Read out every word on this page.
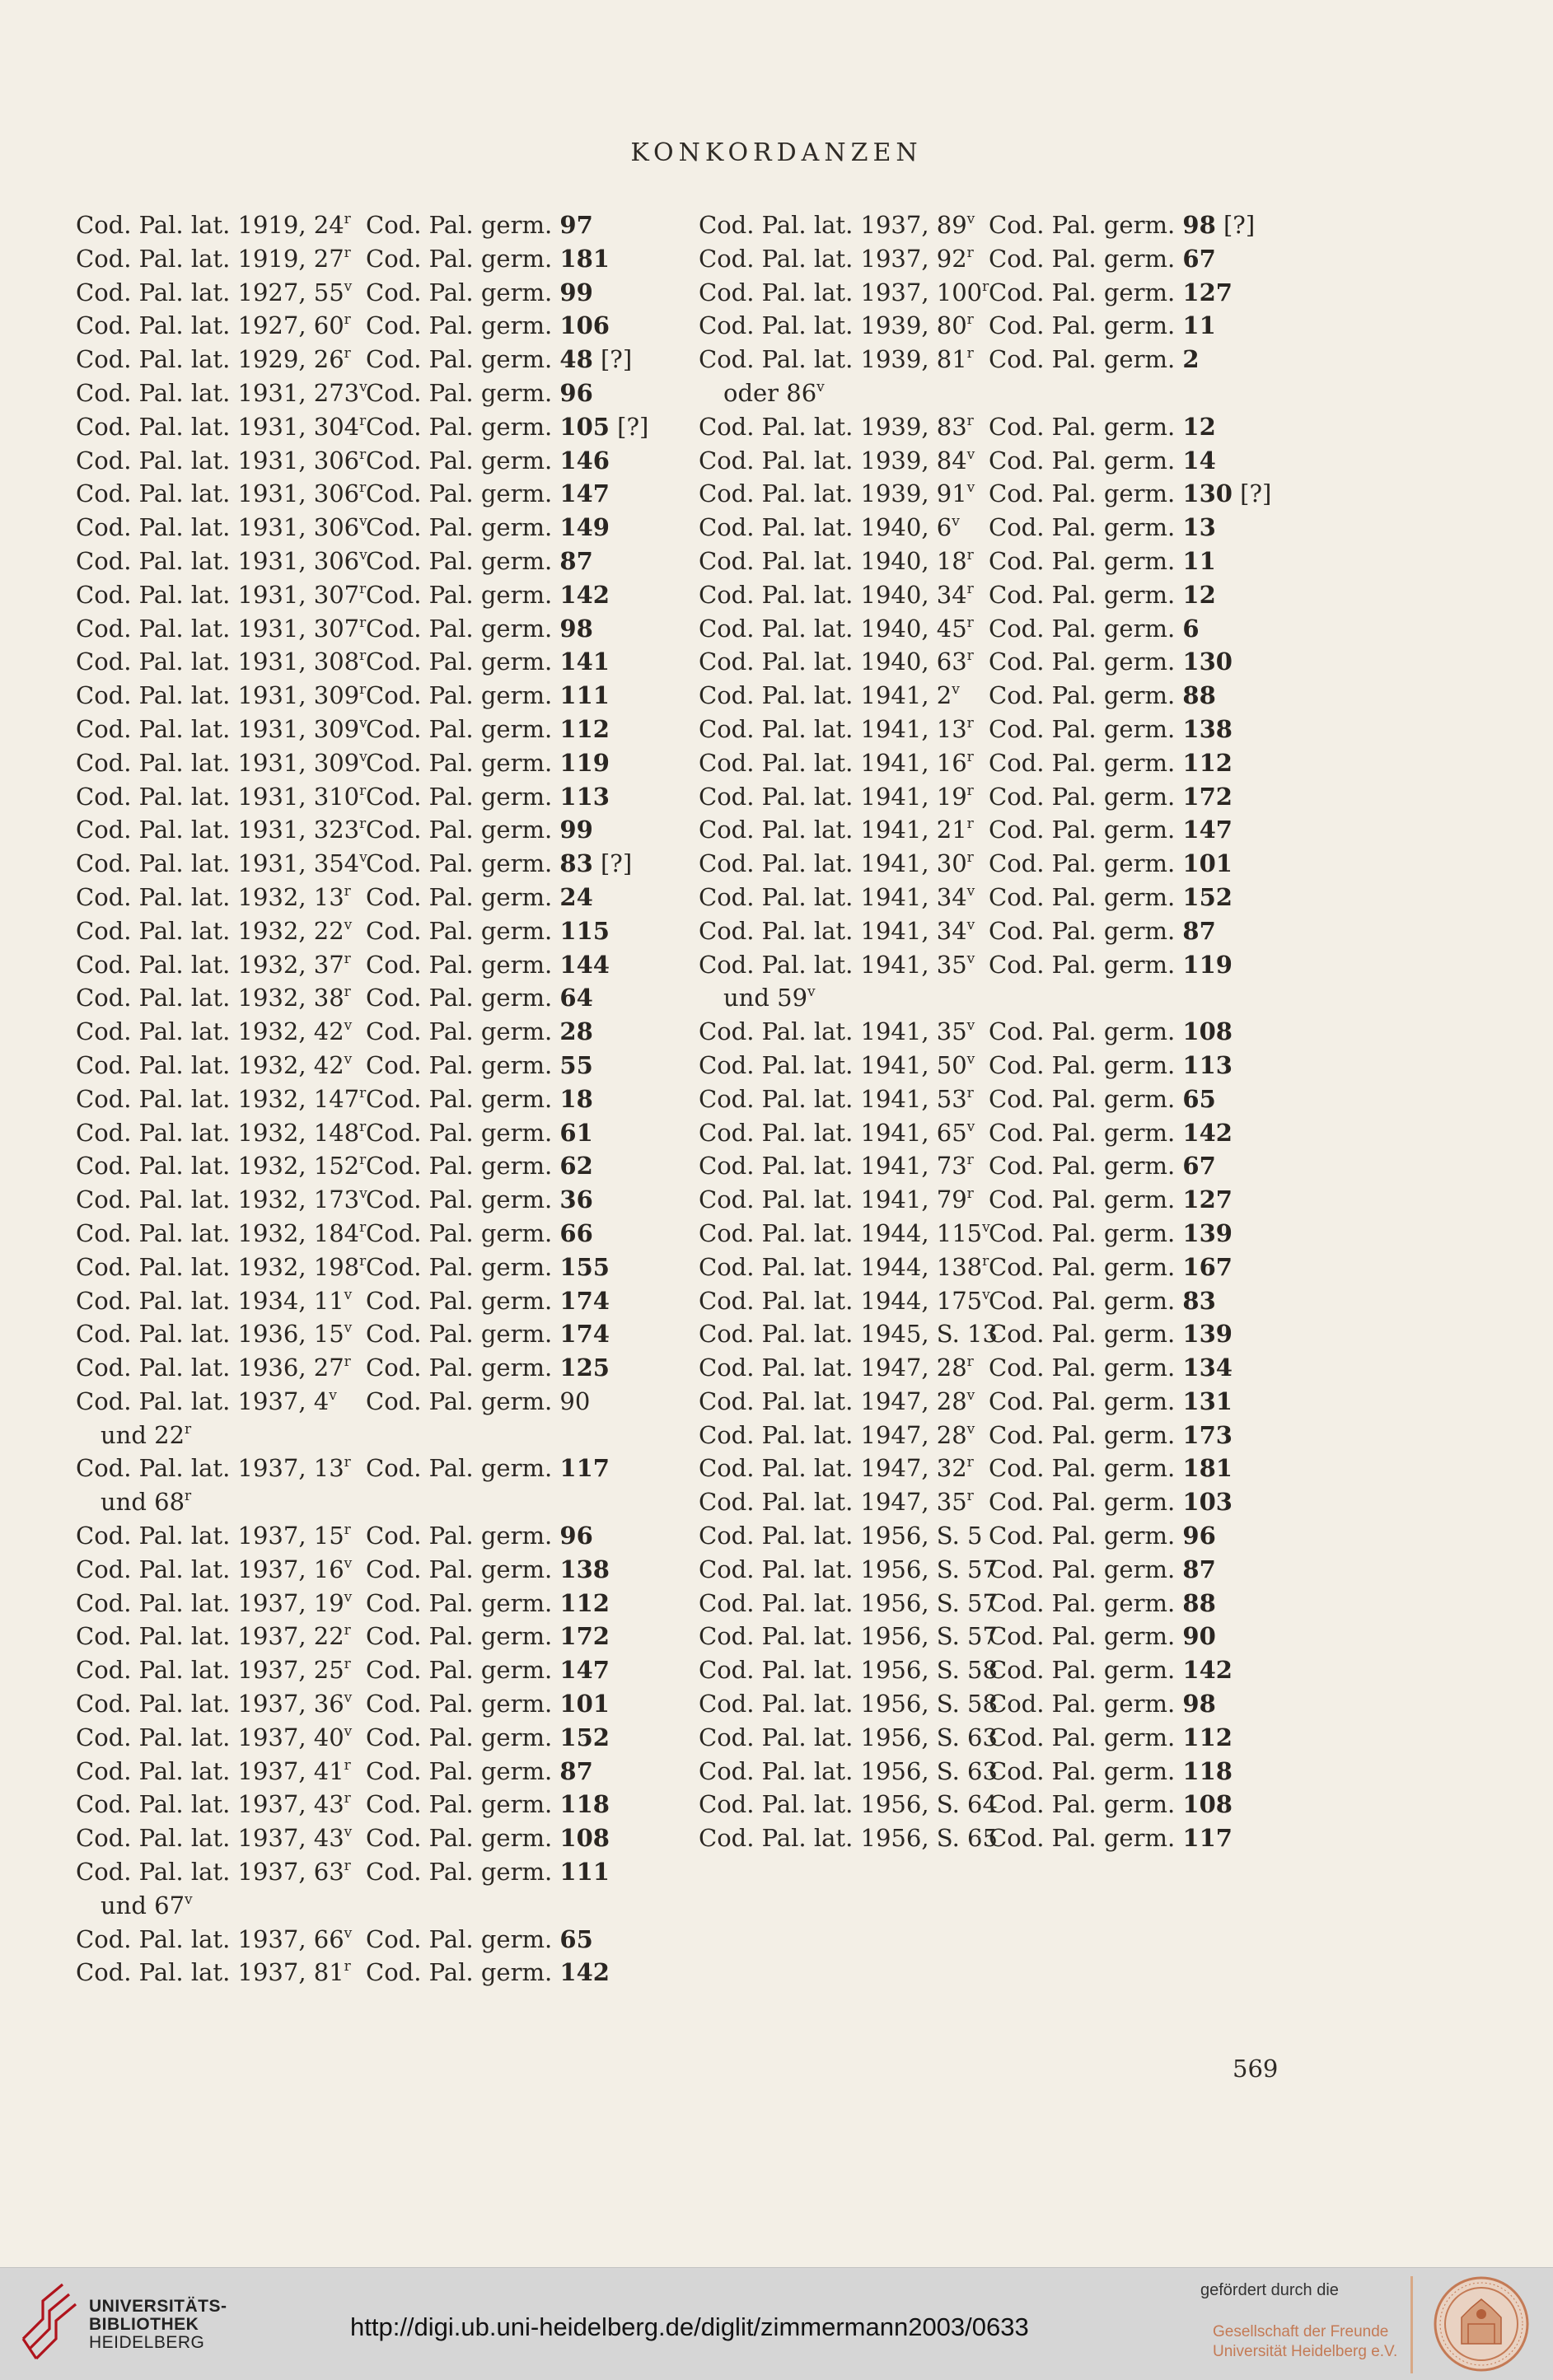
KONKORDANZEN
Cod. Pal. lat. 1919, 24$^r$ Cod. Pal. germ. 97
Cod. Pal. lat. 1919, 27$^r$ Cod. Pal. germ. 181
Cod. Pal. lat. 1927, 55$^v$ Cod. Pal. germ. 99
Cod. Pal. lat. 1927, 60$^r$ Cod. Pal. germ. 106
Cod. Pal. lat. 1929, 26$^r$ Cod. Pal. germ. 48 [?]
Cod. Pal. lat. 1931, 273$^v$
Cod. Pal. germ. 96
Cod. Pal. lat. 1931, 304$^r$ Cod. Pal. germ. 105 [?]
Cod. Pal. lat. 1931, 306$^r$ Cod. Pal. germ. 146
Cod. Pal. lat. 1931, 306$^r$ Cod. Pal. germ. 147
Cod. Pal. lat. 1931, 306$^v$
Cod. Pal. germ. 149
Cod. Pal. lat. 1931, 306$^v$
Cod. Pal. germ. 87
Cod. Pal. lat. 1931, 307$^r$ Cod. Pal. germ. 142
Cod. Pal. lat. 1931, 307$^r$ Cod. Pal. germ. 98
Cod. Pal. lat. 1931, 308$^r$ Cod. Pal. germ. 141
Cod. Pal. lat. 1931, 309$^r$ Cod. Pal. germ. 111
Cod. Pal. lat. 1931, 309$^v$
Cod. Pal. germ. 112
Cod. Pal. lat. 1931, 309$^v$
Cod. Pal. germ. 119
Cod. Pal. lat. 1931, 310$^r$ Cod. Pal. germ. 113
Cod. Pal. lat. 1931, 323$^r$ Cod. Pal. germ. 99
Cod. Pal. lat. 1931, 354$^v$
Cod. Pal. germ. 83 [?]
Cod. Pal. lat. 1932, 13$^r$ Cod. Pal. germ. 24
Cod. Pal. lat. 1932, 22$^v$ Cod. Pal. germ. 115
Cod. Pal. lat. 1932, 37$^r$ Cod. Pal. germ. 144
Cod. Pal. lat. 1932, 38$^r$ Cod. Pal. germ. 64
Cod. Pal. lat. 1932, 42$^v$ Cod. Pal. germ. 28
Cod. Pal. lat. 1932, 42$^v$ Cod. Pal. germ. 55
Cod. Pal. lat. 1932, 147$^r$ Cod. Pal. germ. 18
Cod. Pal. lat. 1932, 148$^r$ Cod. Pal. germ. 61
Cod. Pal. lat. 1932, 152$^r$ Cod. Pal. germ. 62
Cod. Pal. lat. 1932, 173$^v$
Cod. Pal. germ. 36
Cod. Pal. lat. 1932, 184$^r$ Cod. Pal. germ. 66
Cod. Pal. lat. 1932, 198$^r$ Cod. Pal. germ. 155
Cod. Pal. lat. 1934, 11$^v$ Cod. Pal. germ. 174
Cod. Pal. lat. 1936, 15$^v$ Cod. Pal. germ. 174
Cod. Pal. lat. 1936, 27$^r$ Cod. Pal. germ. 125
Cod. Pal. lat. 1937, 4$^v$ Cod. Pal. germ. 90
und 22$^r$
Cod. Pal. lat. 1937, 13$^r$ Cod. Pal. germ. 117
und 68$^r$
Cod. Pal. lat. 1937, 15$^r$ Cod. Pal. germ. 96
Cod. Pal. lat. 1937, 16$^v$ Cod. Pal. germ. 138
Cod. Pal. lat. 1937, 19$^v$ Cod. Pal. germ. 112
Cod. Pal. lat. 1937, 22$^r$ Cod. Pal. germ. 172
Cod. Pal. lat. 1937, 25$^r$ Cod. Pal. germ. 147
Cod. Pal. lat. 1937, 36$^v$ Cod. Pal. germ. 101
Cod. Pal. lat. 1937, 40$^v$ Cod. Pal. germ. 152
Cod. Pal. lat. 1937, 41$^r$ Cod. Pal. germ. 87
Cod. Pal. lat. 1937, 43$^r$ Cod. Pal. germ. 118
Cod. Pal. lat. 1937, 43$^v$ Cod. Pal. germ. 108
Cod. Pal. lat. 1937, 63$^r$ Cod. Pal. germ. 111
und 67$^v$
Cod. Pal. lat. 1937, 66$^v$ Cod. Pal. germ. 65
Cod. Pal. lat. 1937, 81$^r$ Cod. Pal. germ. 142
Cod. Pal. lat. 1937, 89$^v$ Cod. Pal. germ. 98 [?]
Cod. Pal. lat. 1937, 92$^r$ Cod. Pal. germ. 67
Cod. Pal. lat. 1937, 100$^r$ Cod. Pal. germ. 127
Cod. Pal. lat. 1939, 80$^r$ Cod. Pal. germ. 11
Cod. Pal. lat. 1939, 81$^r$ Cod. Pal. germ. 2
oder 86$^v$
Cod. Pal. lat. 1939, 83$^r$ Cod. Pal. germ. 12
Cod. Pal. lat. 1939, 84$^v$ Cod. Pal. germ. 14
Cod. Pal. lat. 1939, 91$^v$ Cod. Pal. germ. 130 [?]
Cod. Pal. lat. 1940, 6$^v$ Cod. Pal. germ. 13
Cod. Pal. lat. 1940, 18$^r$ Cod. Pal. germ. 11
Cod. Pal. lat. 1940, 34$^r$ Cod. Pal. germ. 12
Cod. Pal. lat. 1940, 45$^r$ Cod. Pal. germ. 6
Cod. Pal. lat. 1940, 63$^r$ Cod. Pal. germ. 130
Cod. Pal. lat. 1941, 2$^v$ Cod. Pal. germ. 88
Cod. Pal. lat. 1941, 13$^r$ Cod. Pal. germ. 138
Cod. Pal. lat. 1941, 16$^r$ Cod. Pal. germ. 112
Cod. Pal. lat. 1941, 19$^r$ Cod. Pal. germ. 172
Cod. Pal. lat. 1941, 21$^r$ Cod. Pal. germ. 147
Cod. Pal. lat. 1941, 30$^r$ Cod. Pal. germ. 101
Cod. Pal. lat. 1941, 34$^v$ Cod. Pal. germ. 152
Cod. Pal. lat. 1941, 34$^v$ Cod. Pal. germ. 87
Cod. Pal. lat. 1941, 35$^v$ Cod. Pal. germ. 119
und 59$^v$
Cod. Pal. lat. 1941, 35$^v$ Cod. Pal. germ. 108
Cod. Pal. lat. 1941, 50$^v$ Cod. Pal. germ. 113
Cod. Pal. lat. 1941, 53$^r$ Cod. Pal. germ. 65
Cod. Pal. lat. 1941, 65$^v$ Cod. Pal. germ. 142
Cod. Pal. lat. 1941, 73$^r$ Cod. Pal. germ. 67
Cod. Pal. lat. 1941, 79$^r$ Cod. Pal. germ. 127
Cod. Pal. lat. 1944, 115$^v$
Cod. Pal. germ. 139
Cod. Pal. lat. 1944, 138$^r$ Cod. Pal. germ. 167
Cod. Pal. lat. 1944, 175$^v$
Cod. Pal. germ. 83
Cod. Pal. lat. 1945, S. 13
Cod. Pal. germ. 139
Cod. Pal. lat. 1947, 28$^r$ Cod. Pal. germ. 134
Cod. Pal. lat. 1947, 28$^v$ Cod. Pal. germ. 131
Cod. Pal. lat. 1947, 28$^v$ Cod. Pal. germ. 173
Cod. Pal. lat. 1947, 32$^r$ Cod. Pal. germ. 181
Cod. Pal. lat. 1947, 35$^r$ Cod. Pal. germ. 103
Cod. Pal. lat. 1956, S. 5 Cod. Pal. germ. 96
Cod. Pal. lat. 1956, S. 57
Cod. Pal. germ. 87
Cod. Pal. lat. 1956, S. 57
Cod. Pal. germ. 88
Cod. Pal. lat. 1956, S. 57
Cod. Pal. germ. 90
Cod. Pal. lat. 1956, S. 58
Cod. Pal. germ. 142
Cod. Pal. lat. 1956, S. 58
Cod. Pal. germ. 98
Cod. Pal. lat. 1956, S. 63
Cod. Pal. germ. 112
Cod. Pal. lat. 1956, S. 63
Cod. Pal. germ. 118
Cod. Pal. lat. 1956, S. 64
Cod. Pal. germ. 108
Cod. Pal. lat. 1956, S. 65
Cod. Pal. germ. 117
569
UNIVERSITÄTS-
BIBLIOTHEK
HEIDELBERG
http://digi.ub.uni-heidelberg.de/diglit/zimmermann2003/0633
gefördert durch die
Gesellschaft der Freunde
Universität Heidelberg e.V.
